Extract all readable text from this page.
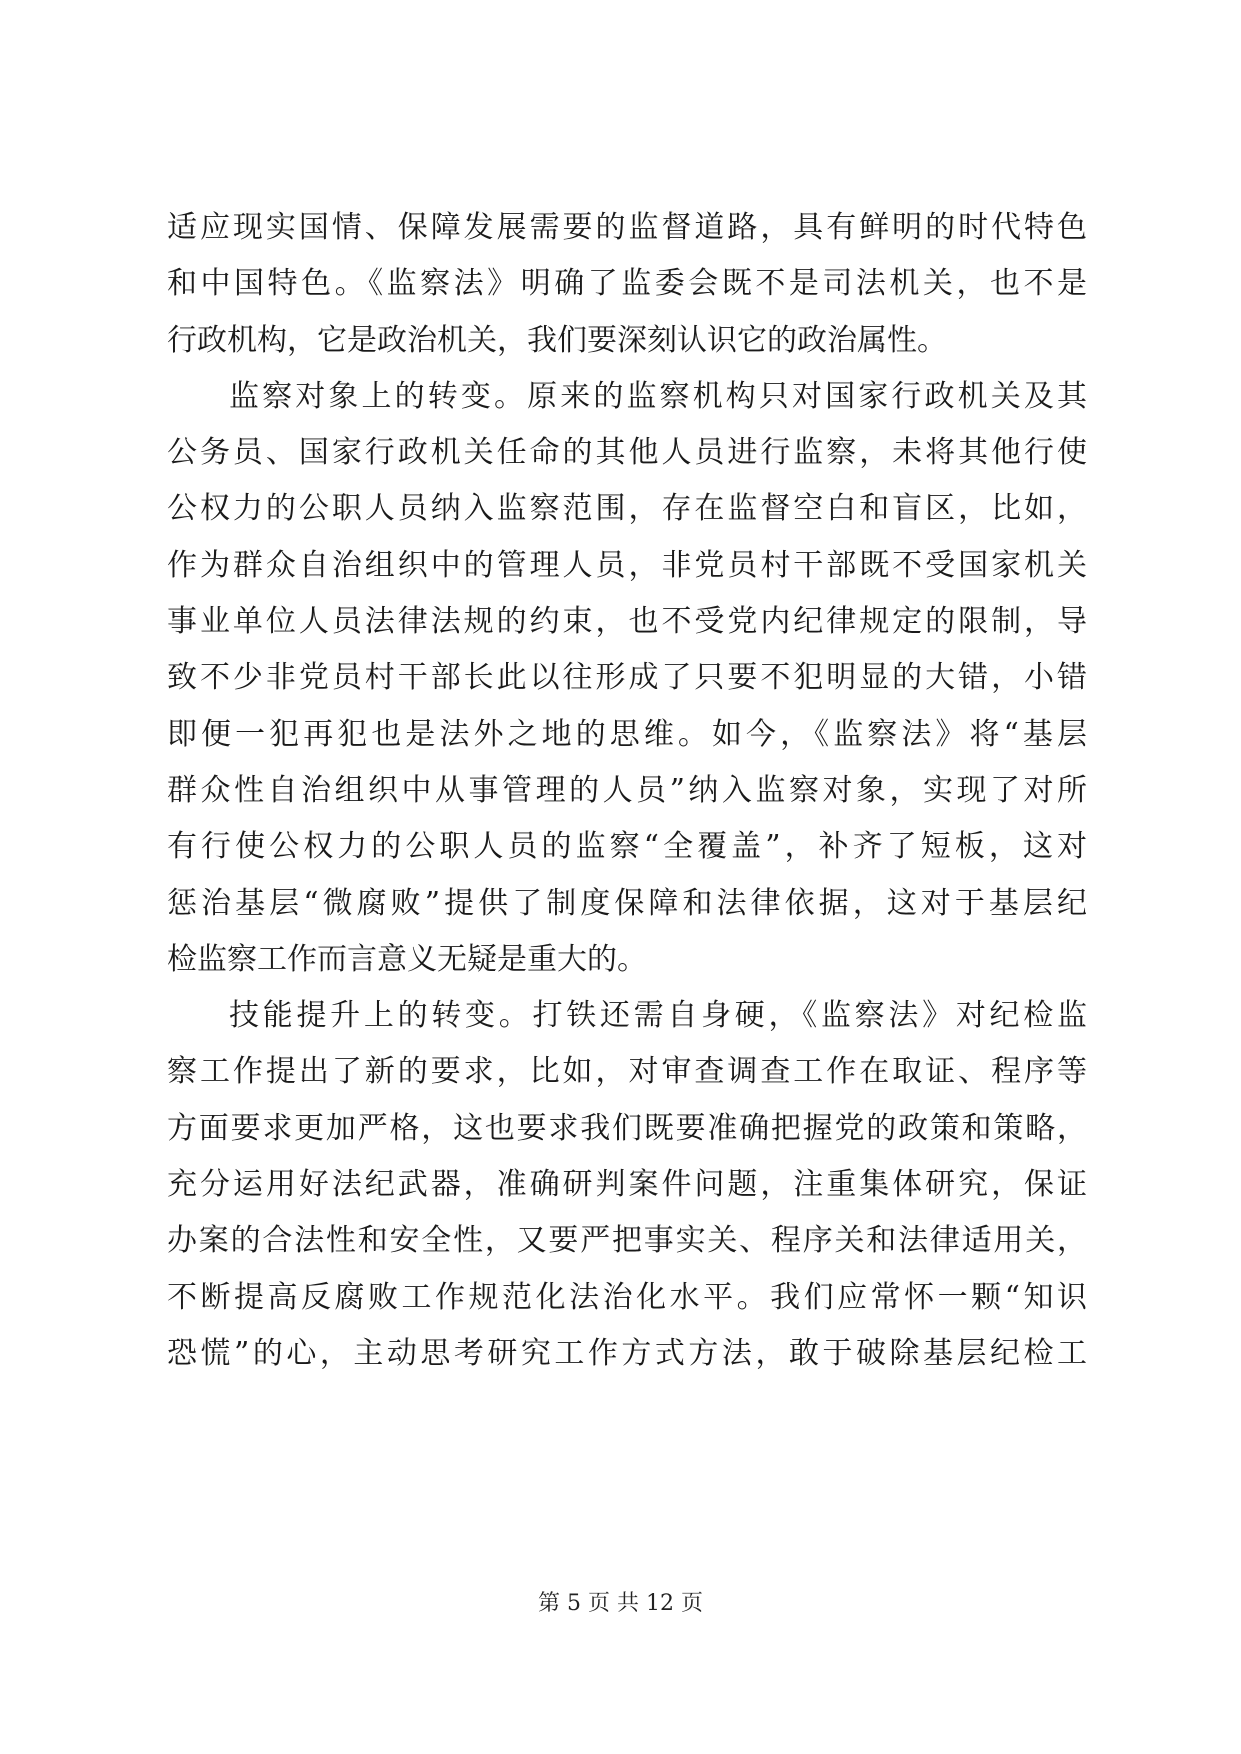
适应现实国情、保障发展需要的监督道路，具有鲜明的时代特色
和中国特色。《监察法》明确了监委会既不是司法机关，也不是
行政机构，它是政治机关，我们要深刻认识它的政治属性。
监察对象上的转变。原来的监察机构只对国家行政机关及其
公务员、国家行政机关任命的其他人员进行监察，未将其他行使
公权力的公职人员纳入监察范围，存在监督空白和盲区，比如，
作为群众自治组织中的管理人员，非党员村干部既不受国家机关
事业单位人员法律法规的约束，也不受党内纪律规定的限制，导
致不少非党员村干部长此以往形成了只要不犯明显的大错，小错
即便一犯再犯也是法外之地的思维。如今，《监察法》将“基层
群众性自治组织中从事管理的人员”纳入监察对象，实现了对所
有行使公权力的公职人员的监察“全覆盖”，补齐了短板，这对
惩治基层“微腐败”提供了制度保障和法律依据，这对于基层纪
检监察工作而言意义无疑是重大的。
技能提升上的转变。打铁还需自身硬，《监察法》对纪检监
察工作提出了新的要求，比如，对审查调查工作在取证、程序等
方面要求更加严格，这也要求我们既要准确把握党的政策和策略，
充分运用好法纪武器，准确研判案件问题，注重集体研究，保证
办案的合法性和安全性，又要严把事实关、程序关和法律适用关，
不断提高反腐败工作规范化法治化水平。我们应常怀一颗“知识
恐慌”的心，主动思考研究工作方式方法，敢于破除基层纪检工
第 5 页 共 12 页
